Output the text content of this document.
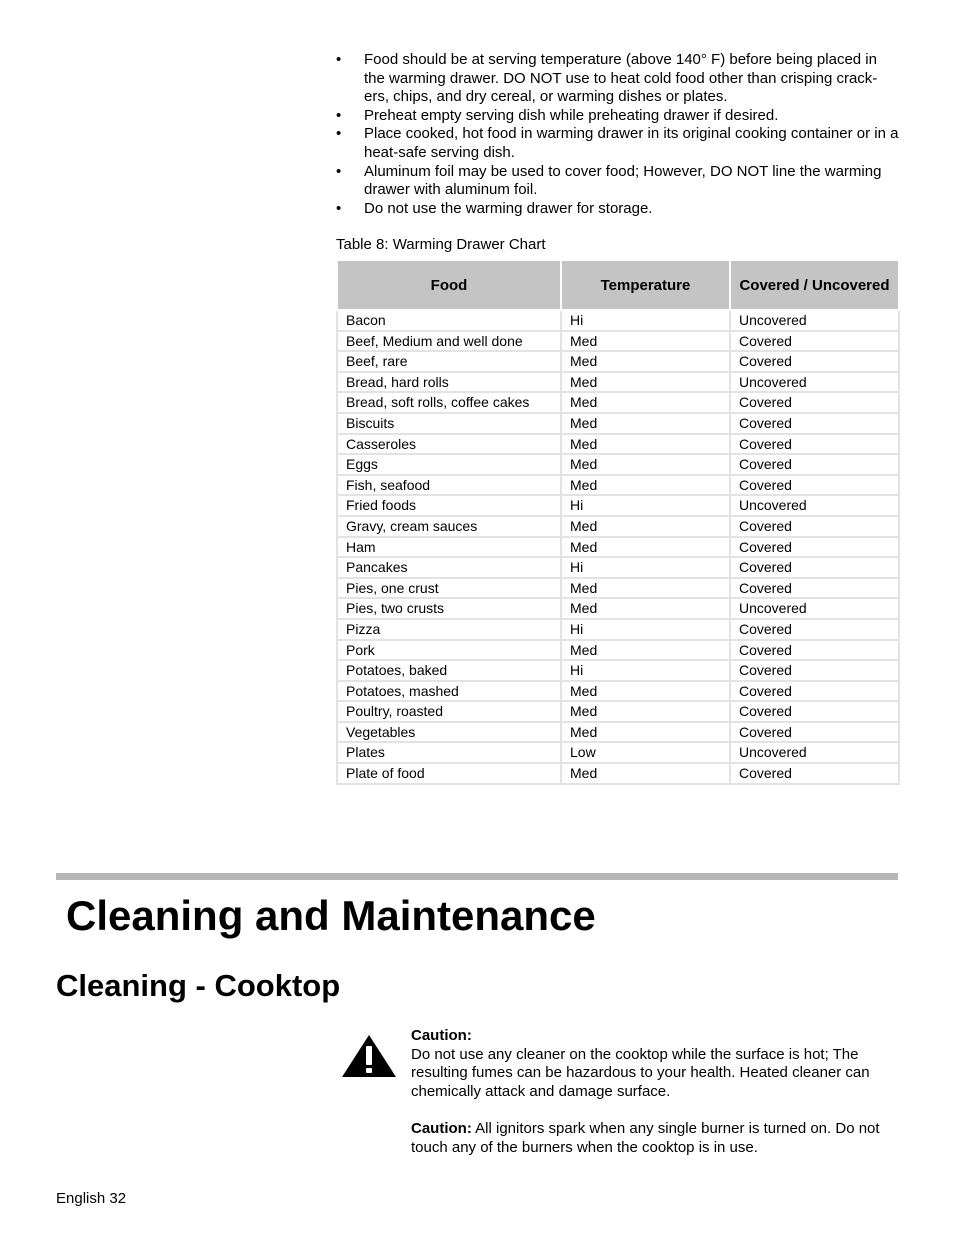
• Food should be at serving temperature (above 140° F) before being placed in the warming drawer. DO NOT use to heat cold food other than crisping crack-ers, chips, and dry cereal, or warming dishes or plates.
• Preheat empty serving dish while preheating drawer if desired.
• Place cooked, hot food in warming drawer in its original cooking container or in a heat-safe serving dish.
• Aluminum foil may be used to cover food; However, DO NOT line the warming drawer with aluminum foil.
• Do not use the warming drawer for storage.
Table 8: Warming Drawer Chart
Food	Temperature	Covered / Uncovered
Bacon	Hi	Uncovered
Beef, Medium and well done	Med	Covered
Beef, rare	Med	Covered
Bread, hard rolls	Med	Uncovered
Bread, soft rolls, coffee cakes	Med	Covered
Biscuits	Med	Covered
Casseroles	Med	Covered
Eggs	Med	Covered
Fish, seafood	Med	Covered
Fried foods	Hi	Uncovered
Gravy, cream sauces	Med	Covered
Ham	Med	Covered
Pancakes	Hi	Covered
Pies, one crust	Med	Covered
Pies, two crusts	Med	Uncovered
Pizza	Hi	Covered
Pork	Med	Covered
Potatoes, baked	Hi	Covered
Potatoes, mashed	Med	Covered
Poultry, roasted	Med	Covered
Vegetables	Med	Covered
Plates	Low	Uncovered
Plate of food	Med	Covered
Cleaning and Maintenance
Cleaning - Cooktop

Caution:

Do not use any cleaner on the cooktop while the surface is hot; The resulting fumes can be hazardous to your health. Heated cleaner can chemically attack and damage surface.

Caution: All ignitors spark when any single burner is turned on. Do not touch any of the burners when the cooktop is in use.

English 32
